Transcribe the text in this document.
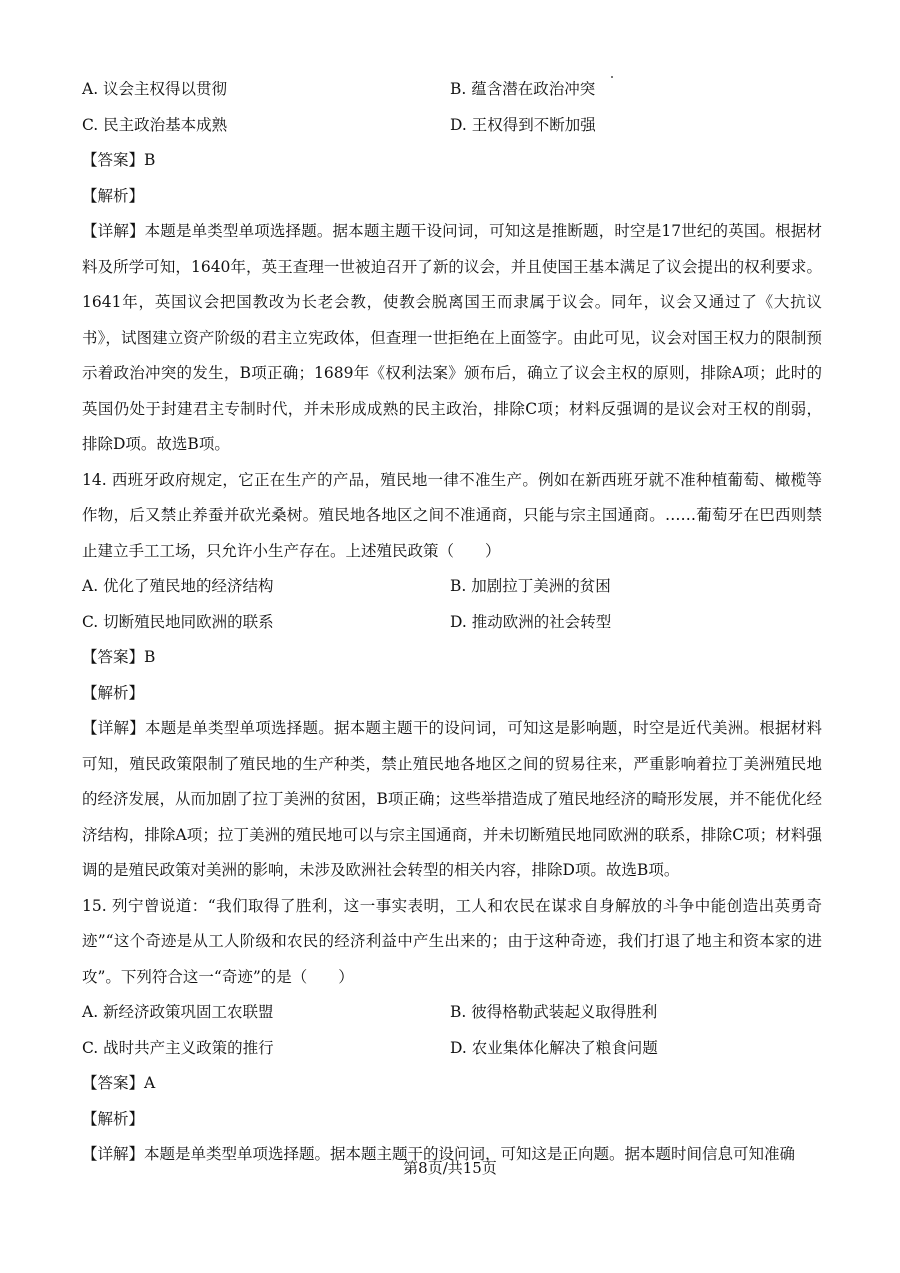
A. 议会主权得以贯彻	B. 蕴含潜在政治冲突
C. 民主政治基本成熟	D. 王权得到不断加强
【答案】B
【解析】
【详解】本题是单类型单项选择题。据本题主题干设问词，可知这是推断题，时空是17世纪的英国。根据材料及所学可知，1640年，英王查理一世被迫召开了新的议会，并且使国王基本满足了议会提出的权利要求。1641年，英国议会把国教改为长老会教，使教会脱离国王而隶属于议会。同年，议会又通过了《大抗议书》，试图建立资产阶级的君主立宪政体，但查理一世拒绝在上面签字。由此可见，议会对国王权力的限制预示着政治冲突的发生，B项正确；1689年《权利法案》颁布后，确立了议会主权的原则，排除A项；此时的英国仍处于封建君主专制时代，并未形成成熟的民主政治，排除C项；材料反强调的是议会对王权的削弱，排除D项。故选B项。
14. 西班牙政府规定，它正在生产的产品，殖民地一律不准生产。例如在新西班牙就不准种植葡萄、橄榄等作物，后又禁止养蚕并砍光桑树。殖民地各地区之间不准通商，只能与宗主国通商。……葡萄牙在巴西则禁止建立手工工场，只允许小生产存在。上述殖民政策（　　）
A. 优化了殖民地的经济结构	B. 加剧拉丁美洲的贫困
C. 切断殖民地同欧洲的联系	D. 推动欧洲的社会转型
【答案】B
【解析】
【详解】本题是单类型单项选择题。据本题主题干的设问词，可知这是影响题，时空是近代美洲。根据材料可知，殖民政策限制了殖民地的生产种类，禁止殖民地各地区之间的贸易往来，严重影响着拉丁美洲殖民地的经济发展，从而加剧了拉丁美洲的贫困，B项正确；这些举措造成了殖民地经济的畸形发展，并不能优化经济结构，排除A项；拉丁美洲的殖民地可以与宗主国通商，并未切断殖民地同欧洲的联系，排除C项；材料强调的是殖民政策对美洲的影响，未涉及欧洲社会转型的相关内容，排除D项。故选B项。
15. 列宁曾说道：“我们取得了胜利，这一事实表明，工人和农民在谋求自身解放的斗争中能创造出英勇奇迹”“这个奇迹是从工人阶级和农民的经济利益中产生出来的；由于这种奇迹，我们打退了地主和资本家的进攻”。下列符合这一“奇迹”的是（　　）
A. 新经济政策巩固工农联盟	B. 彼得格勒武装起义取得胜利
C. 战时共产主义政策的推行	D. 农业集体化解决了粮食问题
【答案】A
【解析】
【详解】本题是单类型单项选择题。据本题主题干的设问词，可知这是正向题。据本题时间信息可知准确
第8页/共15页
